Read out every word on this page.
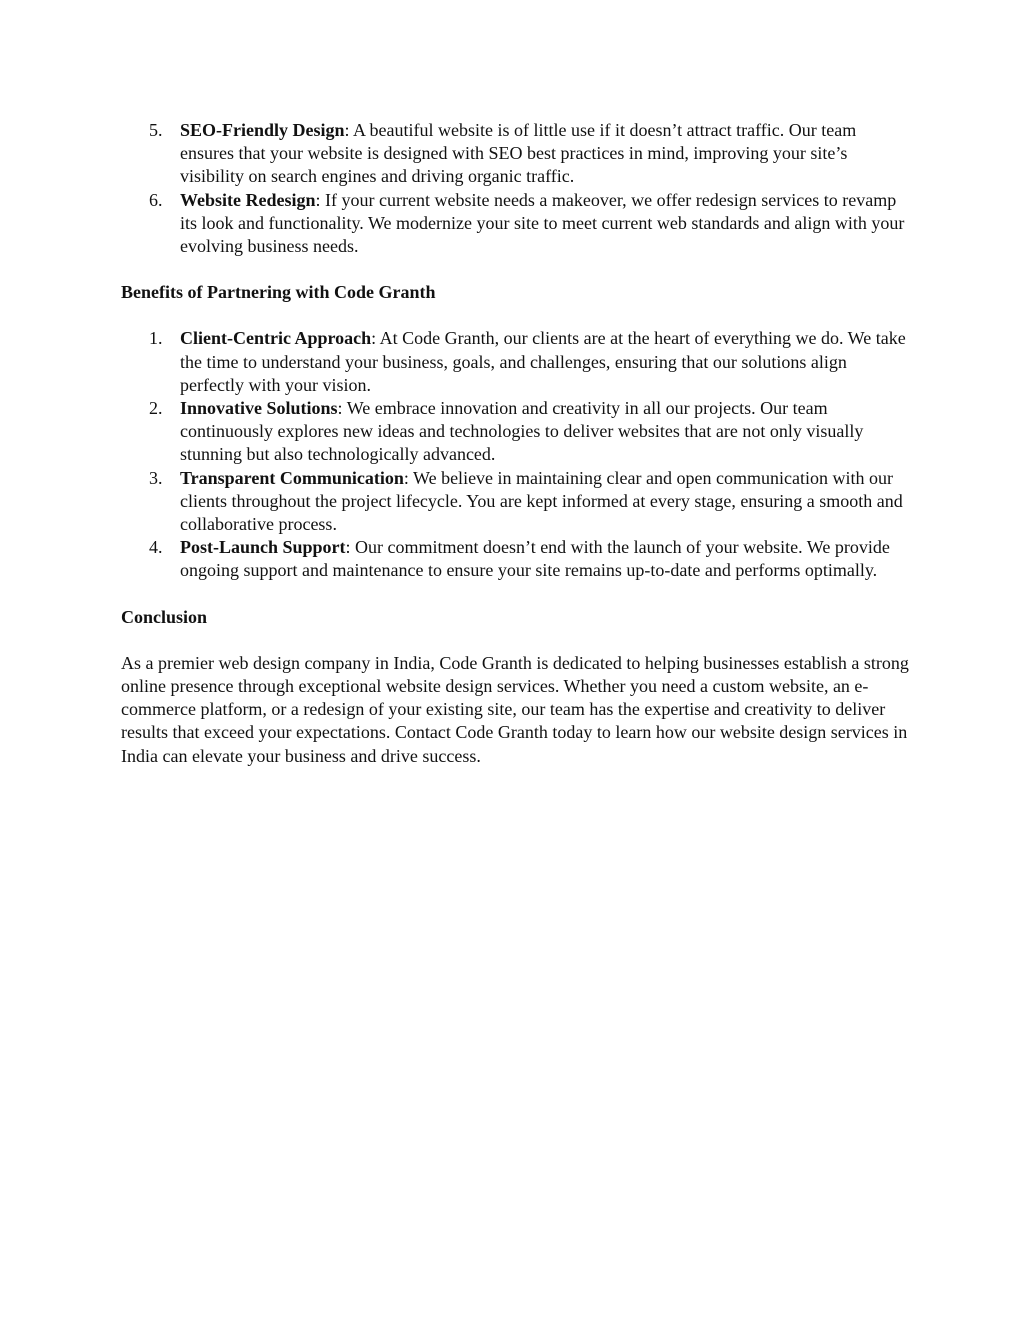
5. SEO-Friendly Design: A beautiful website is of little use if it doesn’t attract traffic. Our team ensures that your website is designed with SEO best practices in mind, improving your site’s visibility on search engines and driving organic traffic.
6. Website Redesign: If your current website needs a makeover, we offer redesign services to revamp its look and functionality. We modernize your site to meet current web standards and align with your evolving business needs.

Benefits of Partnering with Code Granth

1. Client-Centric Approach: At Code Granth, our clients are at the heart of everything we do. We take the time to understand your business, goals, and challenges, ensuring that our solutions align perfectly with your vision.
2. Innovative Solutions: We embrace innovation and creativity in all our projects. Our team continuously explores new ideas and technologies to deliver websites that are not only visually stunning but also technologically advanced.
3. Transparent Communication: We believe in maintaining clear and open communication with our clients throughout the project lifecycle. You are kept informed at every stage, ensuring a smooth and collaborative process.
4. Post-Launch Support: Our commitment doesn’t end with the launch of your website. We provide ongoing support and maintenance to ensure your site remains up-to-date and performs optimally.

Conclusion

As a premier web design company in India, Code Granth is dedicated to helping businesses establish a strong online presence through exceptional website design services. Whether you need a custom website, an e-commerce platform, or a redesign of your existing site, our team has the expertise and creativity to deliver results that exceed your expectations. Contact Code Granth today to learn how our website design services in India can elevate your business and drive success.
